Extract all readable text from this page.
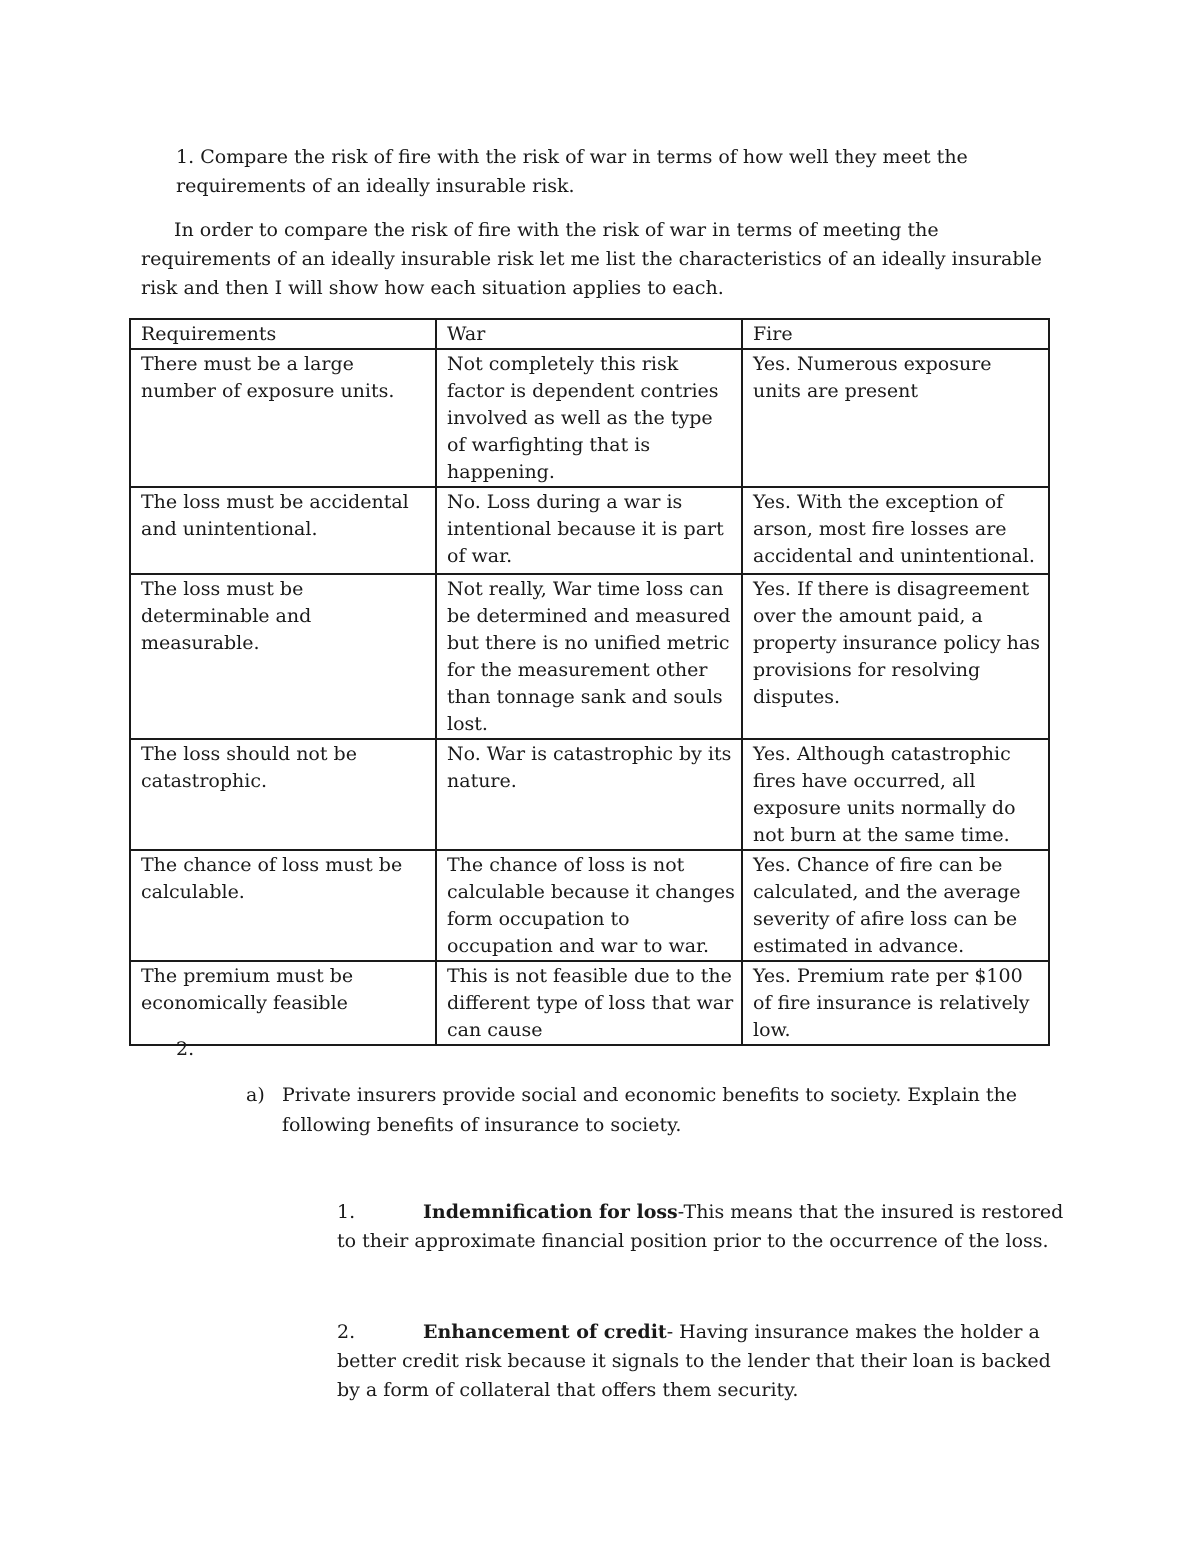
1. Compare the risk of fire with the risk of war in terms of how well they meet the requirements of an ideally insurable risk.
In order to compare the risk of fire with the risk of war in terms of meeting the requirements of an ideally insurable risk let me list the characteristics of an ideally insurable risk and then I will show how each situation applies to each.
Requirements	War	Fire
There must be a large number of exposure units.	Not completely this risk factor is dependent contries involved as well as the type of warfighting that is happening.	Yes. Numerous exposure units are present
The loss must be accidental and unintentional.	No. Loss during a war is intentional because it is part of war.	Yes. With the exception of arson, most fire losses are accidental and unintentional.
The loss must be determinable and measurable.	Not really, War time loss can be determined and measured but there is no unified metric for the measurement other than tonnage sank and souls lost.	Yes. If there is disagreement over the amount paid, a property insurance policy has provisions for resolving disputes.
The loss should not be catastrophic.	No. War is catastrophic by its nature.	Yes. Although catastrophic fires have occurred, all exposure units normally do not burn at the same time.
The chance of loss must be calculable.	The chance of loss is not calculable because it changes form occupation to occupation and war to war.	Yes. Chance of fire can be calculated, and the average severity of afire loss can be estimated in advance.
The premium must be economically feasible	This is not feasible due to the different type of loss that war can cause	Yes. Premium rate per $100 of fire insurance is relatively low.
2.
a) Private insurers provide social and economic benefits to society. Explain the following benefits of insurance to society.
1.	Indemnification for loss-This means that the insured is restored to their approximate financial position prior to the occurrence of the loss.
2.	Enhancement of credit- Having insurance makes the holder a better credit risk because it signals to the lender that their loan is backed by a form of collateral that offers them security.
